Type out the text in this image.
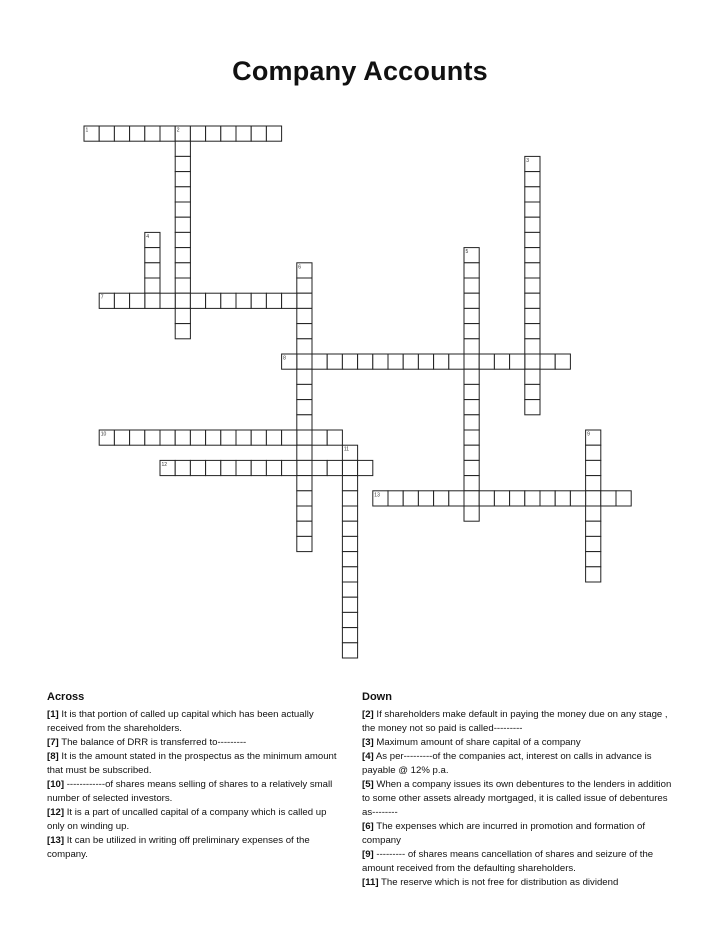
Company Accounts
1	2
3
4
5
6
7
8
9
10
11
12
13
Across
[1] It is that portion of called up capital which has been actually received from the shareholders.
[7] The balance of DRR is transferred to---------
[8] It is the amount stated in the prospectus as the minimum amount that must be subscribed.
[10] ------------of shares means selling of shares to a relatively small number of selected investors.
[12] It is a part of uncalled capital of a company which is called up only on winding up.
[13] It can be utilized in writing off preliminary expenses of the company.
Down
[2] If shareholders make default in paying the money due on any stage , the money not so paid is called---------
[3] Maximum amount of share capital of a company
[4] As per---------of the companies act, interest on calls in advance is payable @ 12% p.a.
[5] When a company issues its own debentures to the lenders in addition to some other assets already mortgaged, it is called issue of debentures as--------
[6] The expenses which are incurred in promotion and formation of company
[9] --------- of shares means cancellation of shares and seizure of the amount received from the defaulting shareholders.
[11] The reserve which is not free for distribution as dividend
